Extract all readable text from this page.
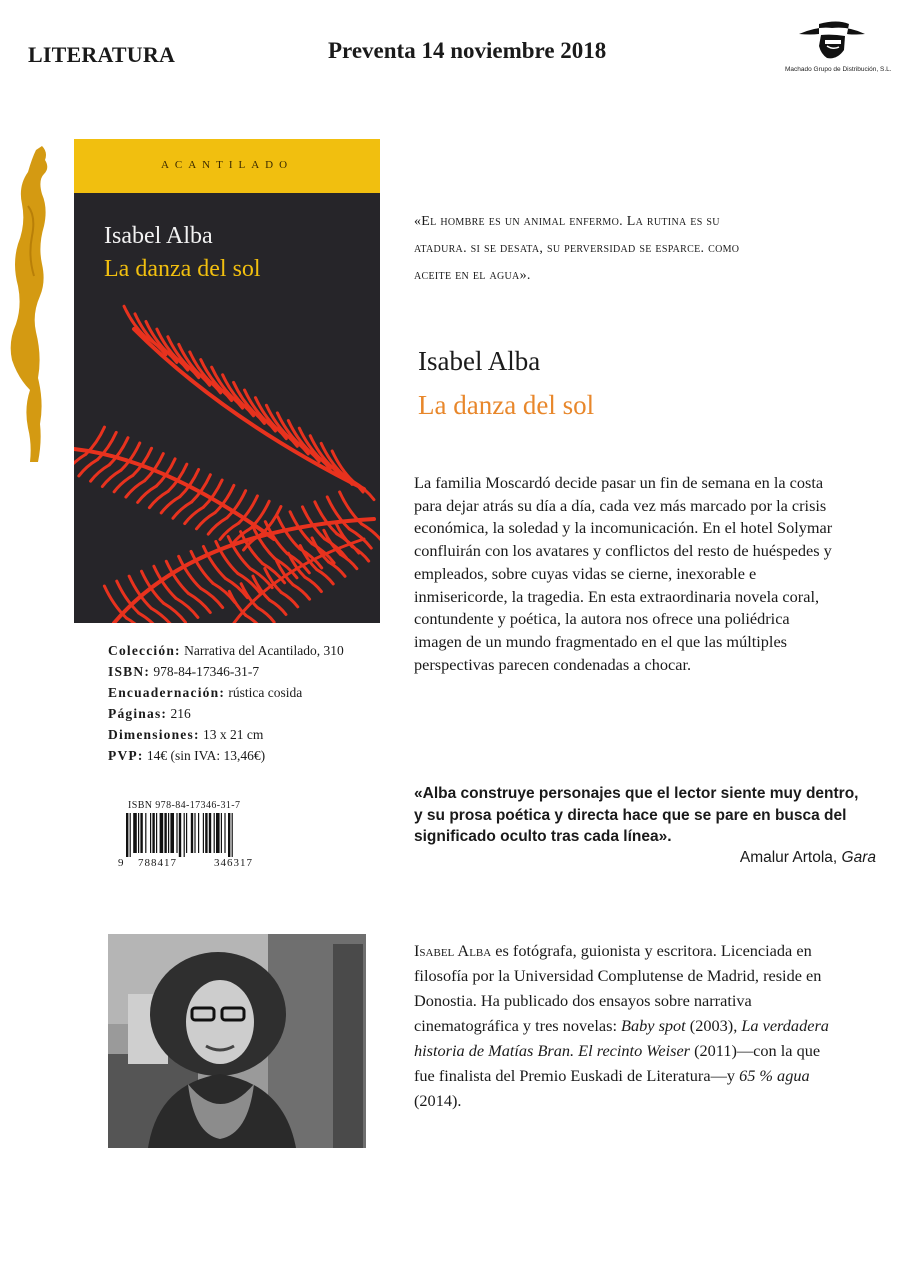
LITERATURA	Preventa 14 noviembre 2018
Machado Grupo de Distribución, S.L.
ACANTILADO
Isabel Alba
La danza del sol
Colección: Narrativa del Acantilado, 310
ISBN: 978-84-17346-31-7
Encuadernación: rústica cosida
Páginas: 216
Dimensiones: 13 x 21 cm
PVP: 14€ (sin IVA: 13,46€)
ISBN 978-84-17346-31-7
9 788417	346317
«El hombre es un animal enfermo. La rutina es su
atadura. si se desata, su perversidad se esparce. como
aceite en el agua».
Isabel Alba
La danza del sol
La familia Moscardó decide pasar un fin de semana en la costa
para dejar atrás su día a día, cada vez más marcado por la crisis
económica, la soledad y la incomunicación. En el hotel Solymar
confluirán con los avatares y conflictos del resto de huéspedes y
empleados, sobre cuyas vidas se cierne, inexorable e
inmisericorde, la tragedia. En esta extraordinaria novela coral,
contundente y poética, la autora nos ofrece una poliédrica
imagen de un mundo fragmentado en el que las múltiples
perspectivas parecen condenadas a chocar.
«Alba construye personajes que el lector siente muy dentro,
y su prosa poética y directa hace que se pare en busca del
significado oculto tras cada línea».
Amalur Artola, Gara
Isabel Alba es fotógrafa, guionista y escritora. Licenciada en
filosofía por la Universidad Complutense de Madrid, reside en
Donostia. Ha publicado dos ensayos sobre narrativa
cinematográfica y tres novelas: Baby spot (2003), La verdadera
historia de Matías Bran. El recinto Weiser (2011)—con la que
fue finalista del Premio Euskadi de Literatura—y 65 % agua
(2014).
